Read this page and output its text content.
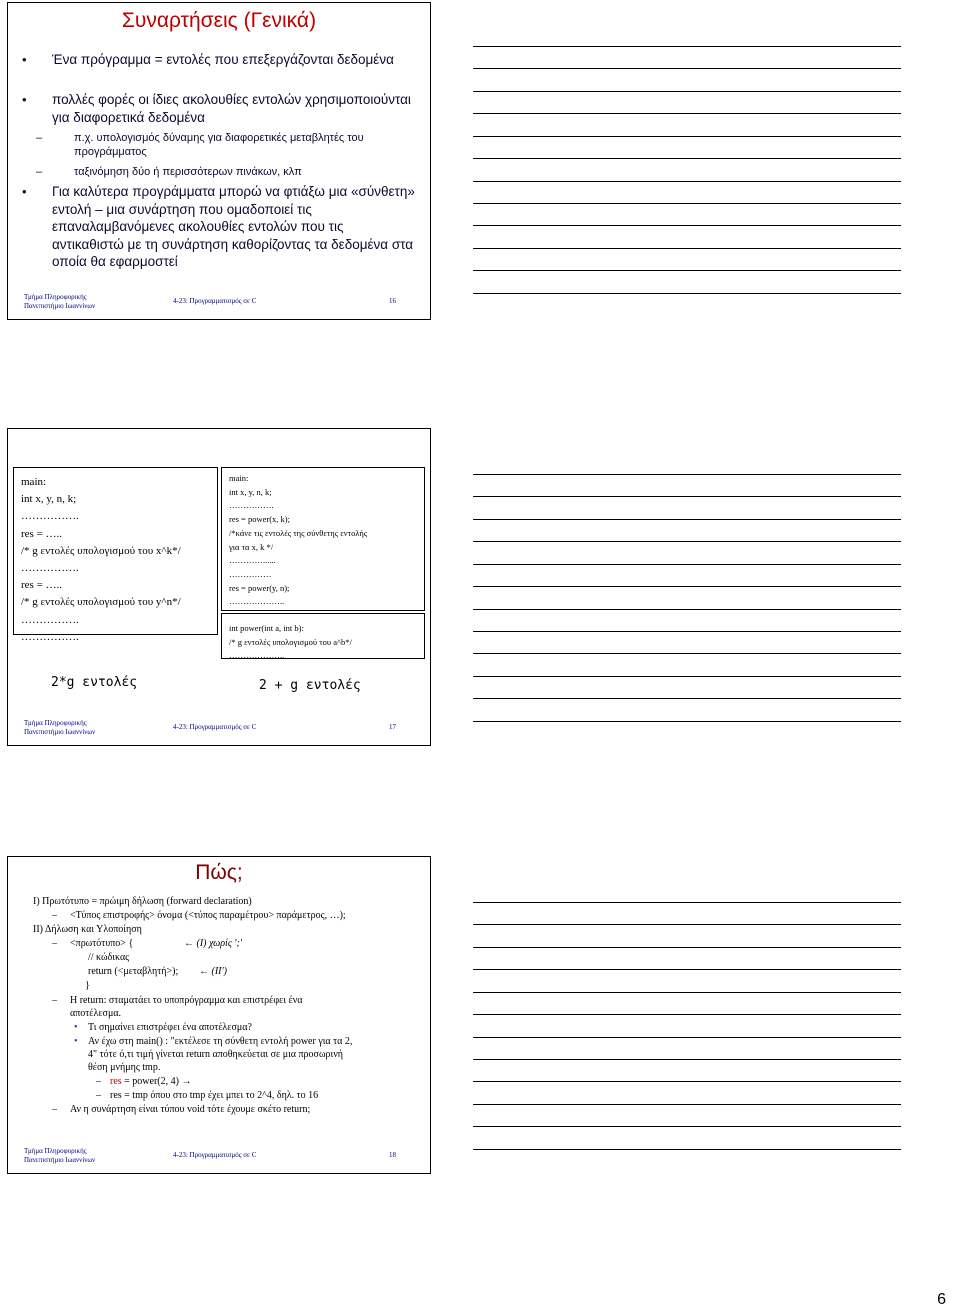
Συναρτήσεις (Γενικά)
•	Ένα πρόγραμμα = εντολές που επεξεργάζονται δεδομένα
•	πολλές φορές οι ίδιες ακολουθίες εντολών χρησιμοποιούνται για διαφορετικά δεδομένα
–	π.χ. υπολογισμός δύναμης για διαφορετικές μεταβλητές του προγράμματος
–	ταξινόμηση δύο ή περισσότερων πινάκων, κλπ
•	Για καλύτερα προγράμματα μπορώ να φτιάξω μια «σύνθετη» εντολή – μια συνάρτηση που ομαδοποιεί τις επαναλαμβανόμενες ακολουθίες εντολών που τις αντικαθιστώ με τη συνάρτηση καθορίζοντας τα δεδομένα στα οποία θα εφαρμοστεί
Τμήμα Πληροφορικής
Πανεπιστήμιο Ιωαννίνων
4-23: Προγραμματισμός σε C	16
main:
int x, y, n, k;
…………….
res = …..
/* g εντολές υπολογισμού του x^k*/
…………….
res = …..
/* g εντολές υπολογισμού του y^n*/
…………….
…………….
main:
int x, y, n, k;
…………….
res = power(x, k);
/*κάνε τις εντολές της σύνθετης εντολής
για τα x, k */
…………......
……………
res = power(y, n);
………………..
int power(int a, int b):
/* g εντολές υπολογισμού του a^b*/
………………..
2*g εντολές	2 + g εντολές
Τμήμα Πληροφορικής
Πανεπιστήμιο Ιωαννίνων
4-23: Προγραμματισμός σε C	17
Πώς;
Ι) Πρωτότυπο = πρώιμη δήλωση (forward declaration)
– <Τύπος επιστροφής> όνομα (<τύπος παραμέτρου> παράμετρος, …);
ΙΙ) Δήλωση και Υλοποίηση
– <πρωτότυπο> {	← (I) χωρίς ';'
// κώδικας
return (<μεταβλητή>); ← (II')
}
– Η return: σταματάει το υποπρόγραμμα και επιστρέφει ένα
αποτέλεσμα.
• Τι σημαίνει επιστρέφει ένα αποτέλεσμα?
• Αν έχω στη main() : "εκτέλεσε τη σύνθετη εντολή power για τα 2,
4" τότε ό,τι τιμή γίνεται return αποθηκεύεται σε μια προσωρινή
θέση μνήμης tmp.
– res = power(2, 4) →
– res = tmp όπου στο tmp έχει μπει το 2^4, δηλ. το 16
– Αν η συνάρτηση είναι τύπου void τότε έχουμε σκέτο return;
Τμήμα Πληροφορικής
Πανεπιστήμιο Ιωαννίνων
4-23: Προγραμματισμός σε C	18
6
